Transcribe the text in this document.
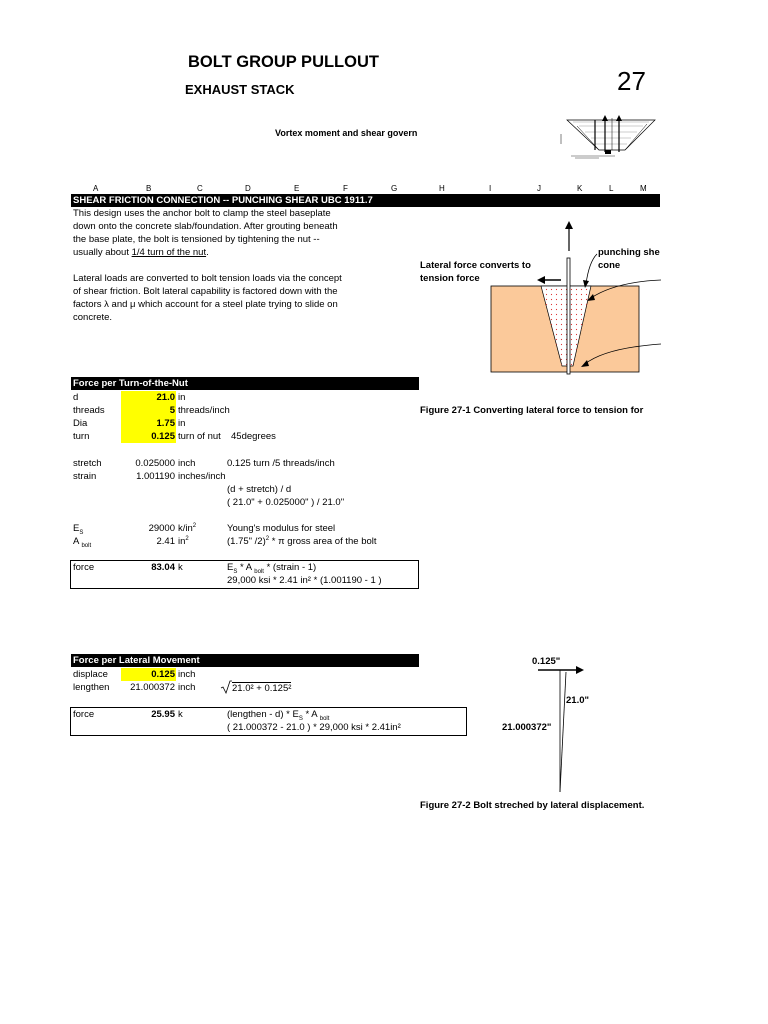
BOLT GROUP PULLOUT
EXHAUST STACK	27
Vortex moment and shear govern
A	B	C	D	E	F	G	H	I	J	K	L	M
SHEAR FRICTION CONNECTION -- PUNCHING SHEAR UBC 1911.7
This design uses the anchor bolt to clamp the steel baseplate
down onto the concrete slab/foundation. After grouting beneath
the base plate, the bolt is tensioned by tightening the nut --
usually about 1/4 turn of the nut.
Lateral loads are converted to bolt tension loads via the concept
of shear friction. Bolt lateral capability is factored down with the
factors λ and μ which account for a steel plate trying to slide on
concrete.
Lateral force converts to
tension force
punching she
cone
Figure 27-1 Converting lateral force to tension for
Force per Turn-of-the-Nut
d	21.0 in
threads	5 threads/inch
Dia	1.75 in
turn	0.125 turn of nut 45degrees
stretch	0.025000 inch	0.125 turn /5 threads/inch
strain	1.001190 inches/inch
(d + stretch) / d
( 21.0" + 0.025000" ) / 21.0"
$E_S$	29000 $k/in^2$	Young's modulus for steel
A $_{bolt}$	2.41 $in^2$	(1.75" /2)$^2$ * π gross area of the bolt
force	83.04 k	$E_S$ * A $_{bolt}$ * (strain - 1)
29,000 ksi * 2.41 in² * (1.001190 - 1 )
Force per Lateral Movement
displace	0.125 inch
lengthen	21.000372 inch	21.0² + 0.125²
force	25.95 k	(lengthen - $d) * E_S$ * A $_{bolt}$
( 21.000372 - 21.0 ) * 29,000 ksi * 2.41in²
0.125"
21.0"
21.000372"
Figure 27-2 Bolt streched by lateral displacement.
